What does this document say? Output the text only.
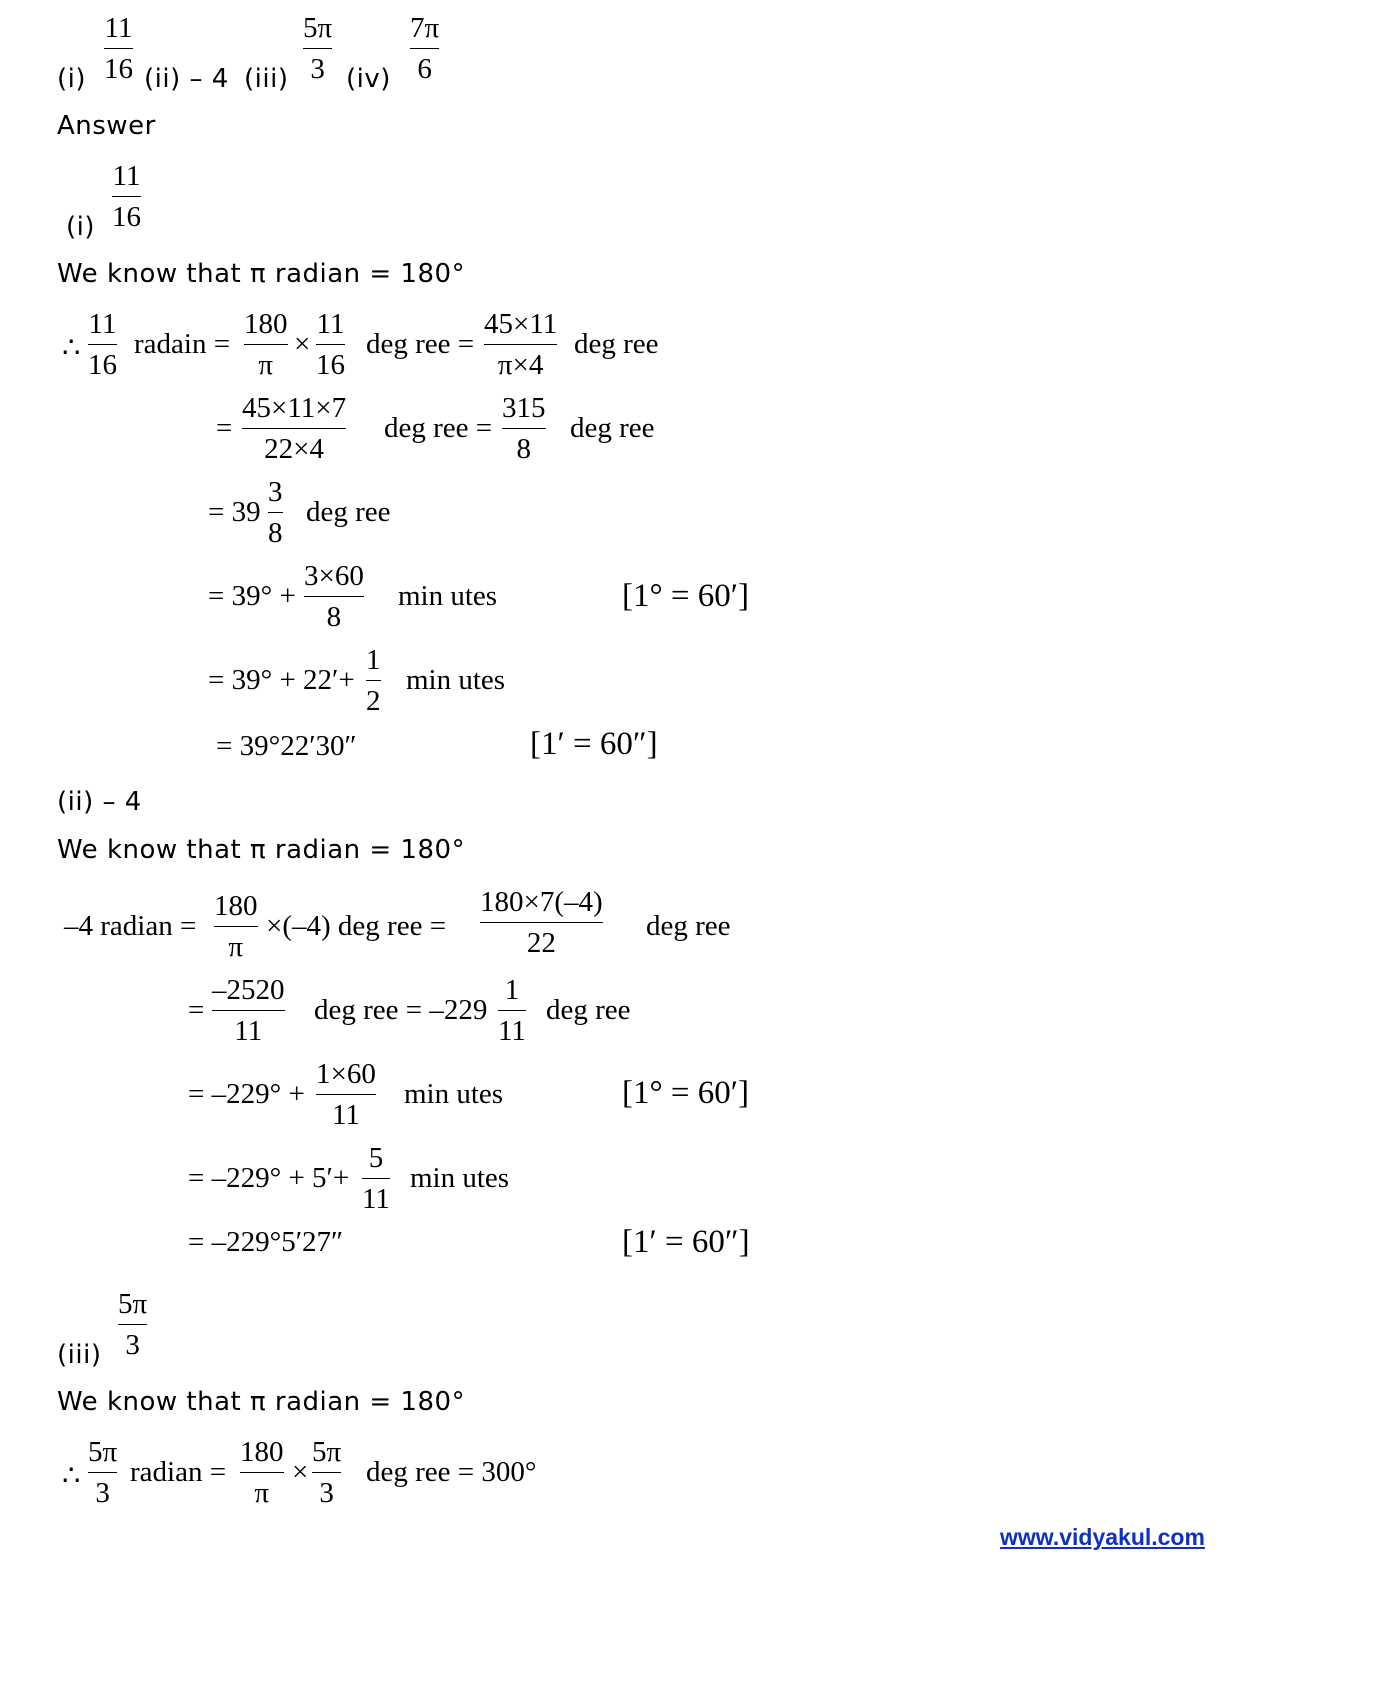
(i)
11
16 (ii) – 4 (iii)
5π
3 (iv)
7π
6
Answer
(i)
11
16
We know that π radian = 180°
∴
11
16
radain =
180
π
×
11
16
deg ree =
45×11
π×4
deg ree
=
45×11×7
22×4
deg ree =
315
8
deg ree
= 39
3
8
deg ree
= 39° +
3×60
8
min utes	[1° = 60′]
= 39° + 22′+
1
2
min utes
= 39°22′30″	[1′ = 60″]
(ii) – 4
We know that π radian = 180°
–4 radian =
180
π
×(–4) deg ree =
180×7(–4)
22
deg ree
=
–2520
11
deg ree = –229
1
11
deg ree
= –229° +
1×60
11
min utes	[1° = 60′]
= –229° + 5′+
5
11
min utes
= –229°5′27″	[1′ = 60″]
(iii)
5π
3
We know that π radian = 180°
∴
5π
3
radian =
180
π
×
5π
3
deg ree = 300°
www.vidyakul.com
